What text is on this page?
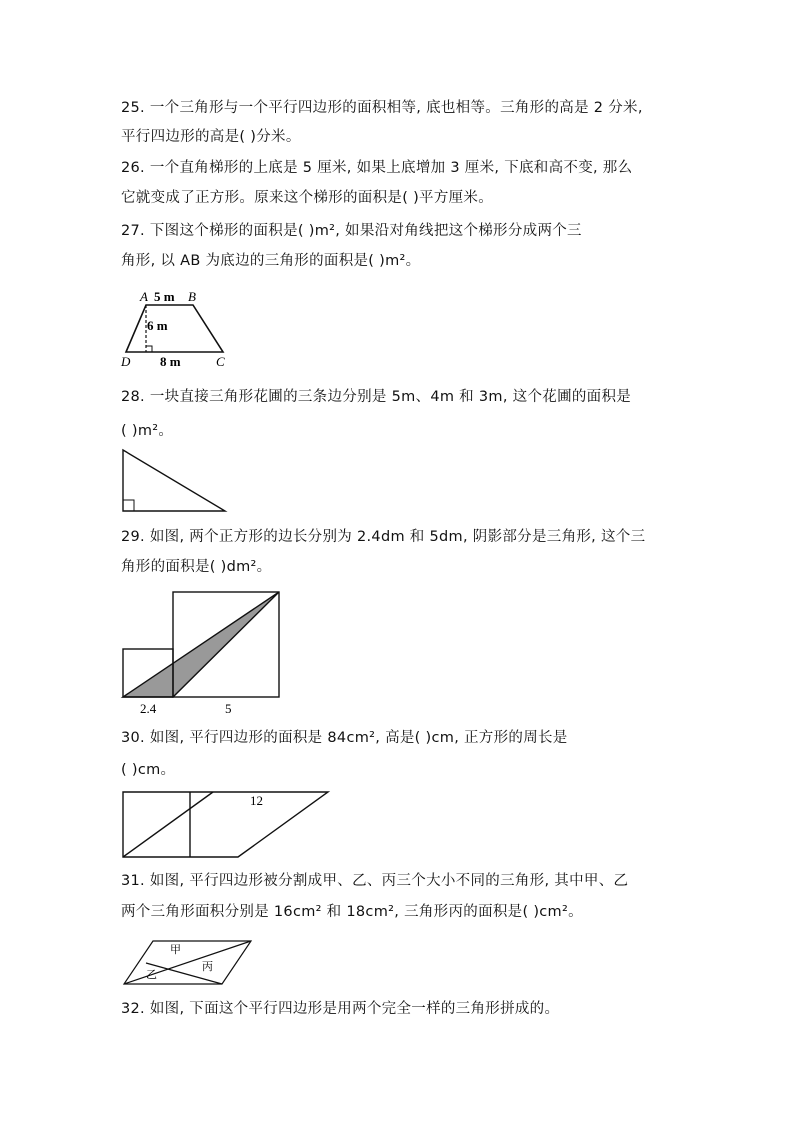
25. 一个三角形与一个平行四边形的面积相等, 底也相等。三角形的高是 2 分米,
平行四边形的高是( )分米。
26. 一个直角梯形的上底是 5 厘米, 如果上底增加 3 厘米, 下底和高不变, 那么
它就变成了正方形。原来这个梯形的面积是( )平方厘米。
27. 下图这个梯形的面积是( )m², 如果沿对角线把这个梯形分成两个三
角形, 以 AB 为底边的三角形的面积是( )m²。
A 5 m B
6 m
D 8 m	C
28. 一块直接三角形花圃的三条边分别是 5m、4m 和 3m, 这个花圃的面积是
( )m²。
29. 如图, 两个正方形的边长分别为 2.4dm 和 5dm, 阴影部分是三角形, 这个三
角形的面积是( )dm²。
2.4	5
30. 如图, 平行四边形的面积是 84cm², 高是( )cm, 正方形的周长是
( )cm。
12
31. 如图, 平行四边形被分割成甲、乙、丙三个大小不同的三角形, 其中甲、乙
两个三角形面积分别是 16cm² 和 18cm², 三角形丙的面积是( )cm²。
甲
乙
丙
32. 如图, 下面这个平行四边形是用两个完全一样的三角形拼成的。
